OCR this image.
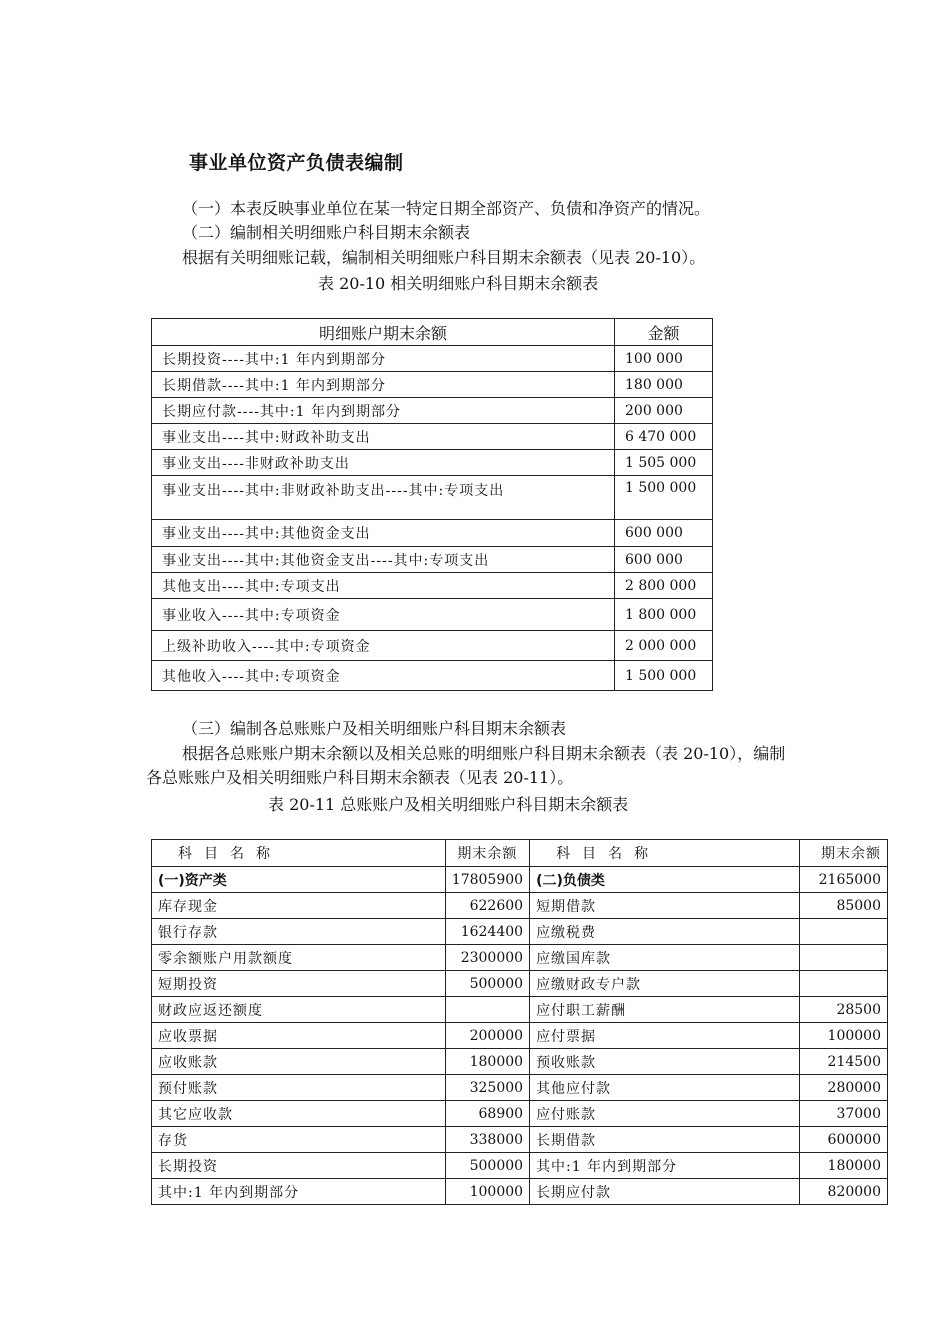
事业单位资产负债表编制
（一）本表反映事业单位在某一特定日期全部资产、负债和净资产的情况。
（二）编制相关明细账户科目期末余额表
根据有关明细账记载，编制相关明细账户科目期末余额表（见表 20-10）。
表 20-10 相关明细账户科目期末余额表
明细账户期末余额	金额
长期投资----其中:1 年内到期部分	100 000
长期借款----其中:1 年内到期部分	180 000
长期应付款----其中:1 年内到期部分	200 000
事业支出----其中:财政补助支出	6 470 000
事业支出----非财政补助支出	1 505 000
事业支出----其中:非财政补助支出----其中:专项支出	1 500 000
事业支出----其中:其他资金支出	600 000
事业支出----其中:其他资金支出----其中:专项支出	600 000
其他支出----其中:专项支出	2 800 000
事业收入----其中:专项资金	1 800 000
上级补助收入----其中:专项资金	2 000 000
其他收入----其中:专项资金	1 500 000
（三）编制各总账账户及相关明细账户科目期末余额表
根据各总账账户期末余额以及相关总账的明细账户科目期末余额表（表 20-10），编制
各总账账户及相关明细账户科目期末余额表（见表 20-11）。
表 20-11 总账账户及相关明细账户科目期末余额表
科目名称	期末余额	科目名称	期末余额
(一)资产类	17805900	(二)负债类	2165000
库存现金	622600	短期借款	85000
银行存款	1624400	应缴税费	
零余额账户用款额度	2300000	应缴国库款	
短期投资	500000	应缴财政专户款	
财政应返还额度		应付职工薪酬	28500
应收票据	200000	应付票据	100000
应收账款	180000	预收账款	214500
预付账款	325000	其他应付款	280000
其它应收款	68900	应付账款	37000
存货	338000	长期借款	600000
长期投资	500000	其中:1 年内到期部分	180000
其中:1 年内到期部分	100000	长期应付款	820000
